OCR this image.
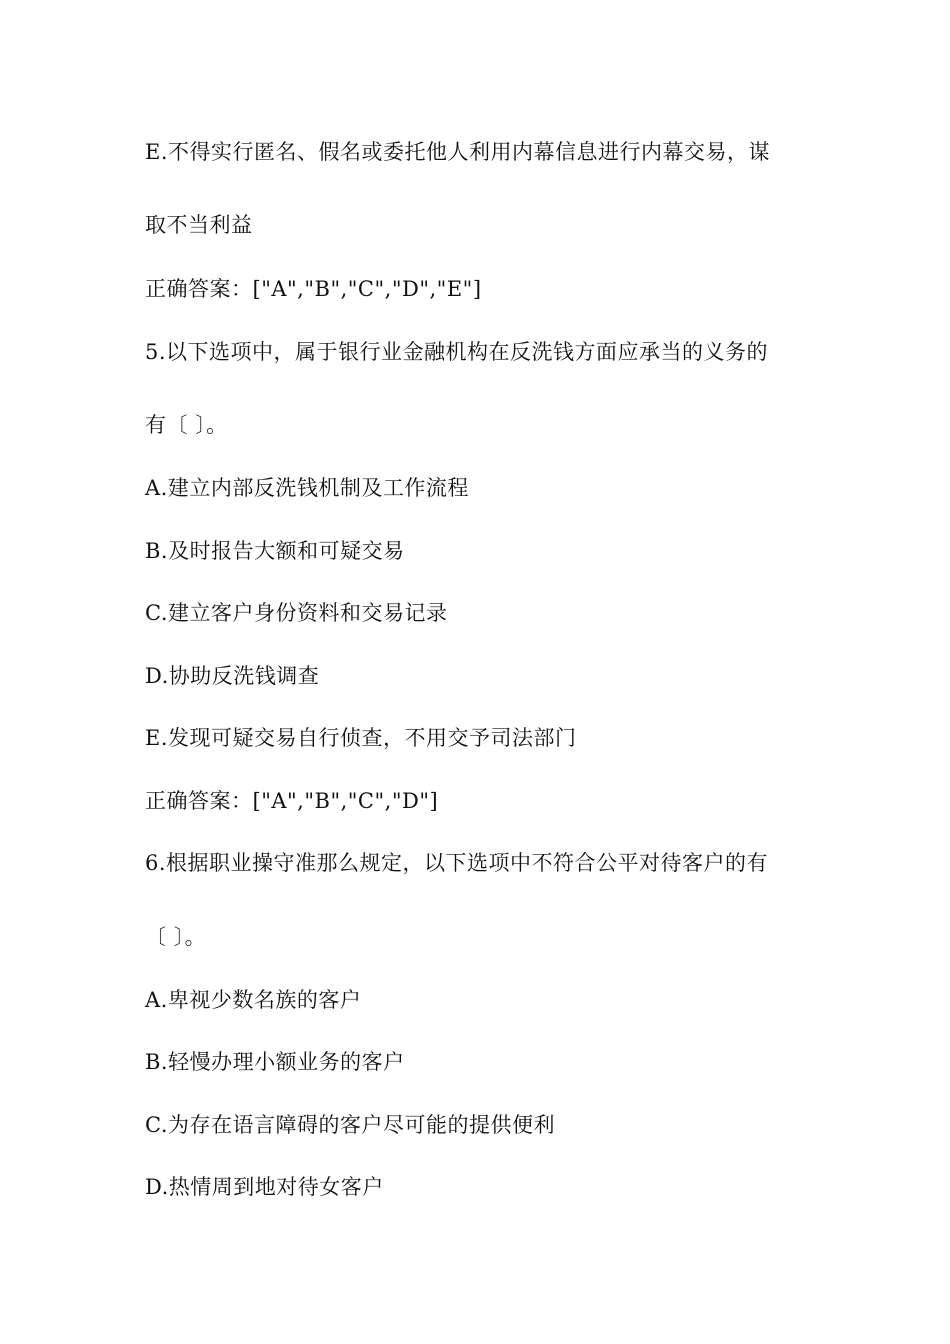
E.不得实行匿名、假名或委托他人利用内幕信息进行内幕交易，谋
取不当利益
正确答案：["A","B","C","D","E"]
5.以下选项中，属于银行业金融机构在反洗钱方面应承当的义务的
有〔 〕。
A.建立内部反洗钱机制及工作流程
B.及时报告大额和可疑交易
C.建立客户身份资料和交易记录
D.协助反洗钱调查
E.发现可疑交易自行侦查，不用交予司法部门
正确答案：["A","B","C","D"]
6.根据职业操守准那么规定，以下选项中不符合公平对待客户的有
〔 〕。
A.卑视少数名族的客户
B.轻慢办理小额业务的客户
C.为存在语言障碍的客户尽可能的提供便利
D.热情周到地对待女客户
